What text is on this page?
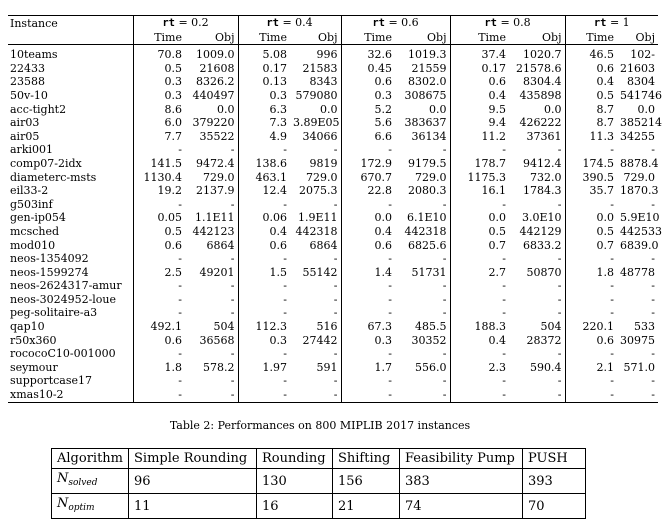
Instance	rt = 0.2		rt = 0.4		rt = 0.6		rt = 0.8		rt = 1	
	Time	Obj	Time	Obj	Time	Obj	Time	Obj	Time	Obj
10teams	70.8	1009.0	5.08	996	32.6	1019.3	37.4	1020.7	46.5	102-
22433	0.5	21608	0.17	21583	0.45	21559	0.17	21578.6	0.6	21603
23588	0.3	8326.2	0.13	8343	0.6	8302.0	0.6	8304.4	0.4	8304
50v-10	0.3	440497	0.3	579080	0.3	308675	0.4	435898	0.5	541746
acc-tight2	8.6	0.0	6.3	0.0	5.2	0.0	9.5	0.0	8.7	0.0
air03	6.0	379220	7.3	3.89E05	5.6	383637	9.4	426222	8.7	385214
air05	7.7	35522	4.9	34066	6.6	36134	11.2	37361	11.3	34255
arki001	-	-	-	-	-	-	-	-	-	-
comp07-2idx	141.5	9472.4	138.6	9819	172.9	9179.5	178.7	9412.4	174.5	8878.4
diameterc-msts	1130.4	729.0	463.1	729.0	670.7	729.0	1175.3	732.0	390.5	729.0
eil33-2	19.2	2137.9	12.4	2075.3	22.8	2080.3	16.1	1784.3	35.7	1870.3
g503inf	-	-	-	-	-	-	-	-	-	-
gen-ip054	0.05	1.1E11	0.06	1.9E11	0.0	6.1E10	0.0	3.0E10	0.0	5.9E10
mcsched	0.5	442123	0.4	442318	0.4	442318	0.5	442129	0.5	442533
mod010	0.6	6864	0.6	6864	0.6	6825.6	0.7	6833.2	0.7	6839.0
neos-1354092	-	-	-	-	-	-	-	-	-	-
neos-1599274	2.5	49201	1.5	55142	1.4	51731	2.7	50870	1.8	48778
neos-2624317-amur	-	-	-	-	-	-	-	-	-	-
neos-3024952-loue	-	-	-	-	-	-	-	-	-	-
peg-solitaire-a3	-	-	-	-	-	-	-	-	-	-
qap10	492.1	504	112.3	516	67.3	485.5	188.3	504	220.1	533
r50x360	0.6	36568	0.3	27442	0.3	30352	0.4	28372	0.6	30975
rococoC10-001000	-	-	-	-	-	-	-	-	-	-
seymour	1.8	578.2	1.97	591	1.7	556.0	2.3	590.4	2.1	571.0
supportcase17	-	-	-	-	-	-	-	-	-	-
xmas10-2	-	-	-	-	-	-	-	-	-	-
Table 2: Performances on 800 MIPLIB 2017 instances
Algorithm	Simple Rounding	Rounding	Shifting	Feasibility Pump	PUSH
$N_{solved}$	96	130	156	383	393
$N_{optim}$	11	16	21	74	70
